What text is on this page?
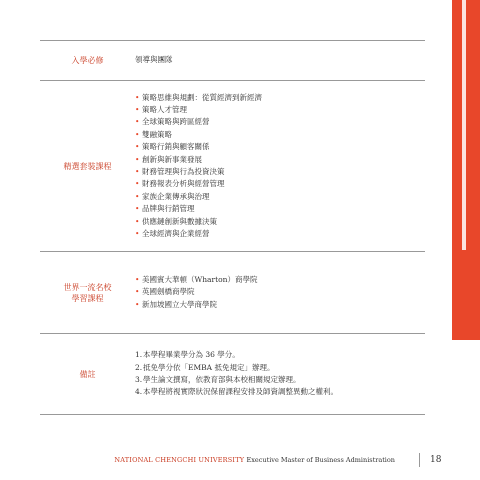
入學必修	領導與團隊
精選套裝課程
• 策略思維與規劃：從質經濟到新經濟
• 策略人才管理
• 全球策略與跨區經營
• 雙融策略
• 策略行銷與顧客關係
• 創新與新事業發展
• 財務管理與行為投資決策
• 財務報表分析與經營管理
• 家族企業傳承與治理
• 品牌與行銷管理
• 供應鏈創新與數據決策
• 全球經濟與企業經營
世界一流名校
學習課程
• 美國賓大華頓（Wharton）商學院
• 英國劍橋商學院
• 新加坡國立大學商學院
備註
1. 本學程畢業學分為 36 學分。
2. 抵免學分依「EMBA 抵免規定」辦理。
3. 學生論文撰寫，依教育部與本校相關規定辦理。
4. 本學程將視實際狀況保留課程安排及師資調整異動之權利。
NATIONAL CHENGCHI UNIVERSITY Executive Master of Business Administration	18
